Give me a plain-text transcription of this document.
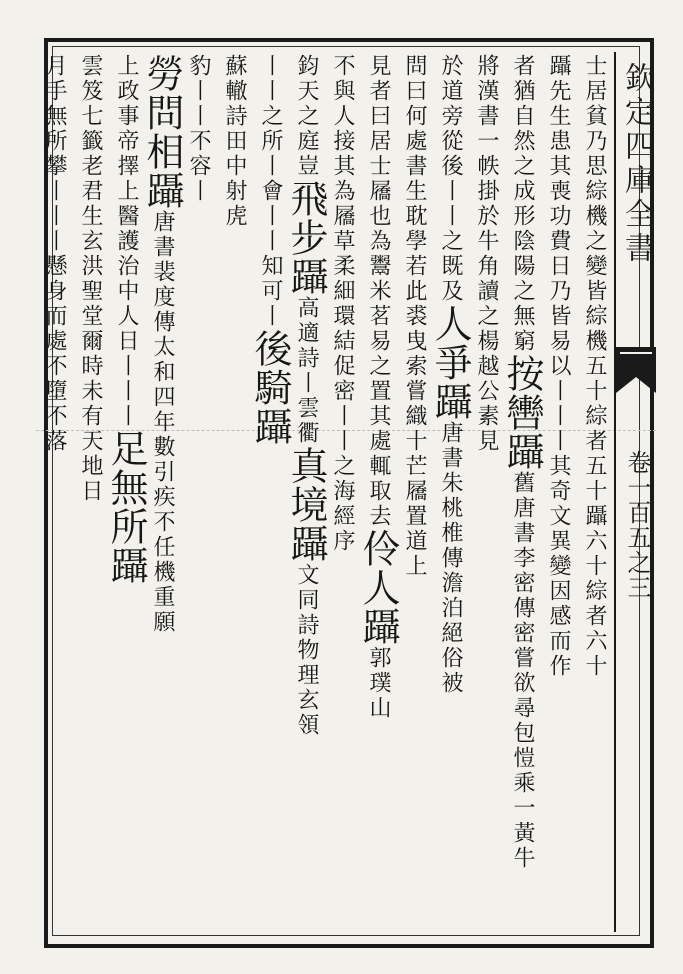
欽定四庫全書
卷一百五之三
士居貧乃思綜機之變皆綜機五十綜者五十躡六十綜者六十
躡先生患其喪功費日乃皆易以丨丨丨其奇文異變因感而作
者猶自然之成形陰陽之無窮按轡躡舊唐書李密傳密嘗欲尋包愷乘一黃牛
將漢書一帙掛於牛角讀之楊越公素見
於道旁從後丨丨之既及人爭躡唐書朱桃椎傳澹泊絕俗被
問曰何處書生耽學若此裘曳索嘗織十芒屩置道上
見者曰居士屩也為鬻米茗易之置其處輒取去伶人躡郭璞山
不與人接其為屩草柔細環結促密丨丨之海經序
鈞天之庭豈飛步躡高適詩丨雲衢真境躡文同詩物理玄領
丨丨之所丨會丨丨知可丨後騎躡
蘇轍詩田中射虎
豹丨丨不容丨
勞問相躡唐書裴度傳太和四年數引疾不任機重願
上政事帝擇上醫護治中人日丨丨丨足無所躡
雲笈七籤老君生玄洪聖堂爾時未有天地日
月手無所攀丨丨丨懸身而處不墮不落
